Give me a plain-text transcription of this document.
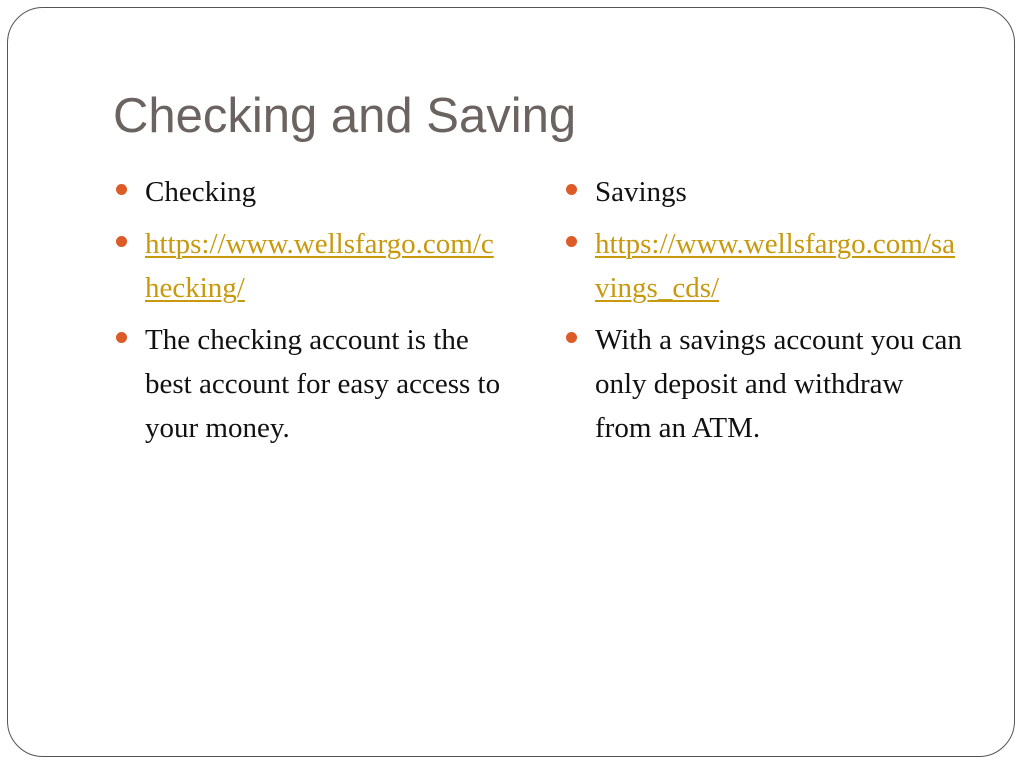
Checking and Saving
Checking
https://www.wellsfargo.com/checking/
The checking account is the best account for easy access to your money.
Savings
https://www.wellsfargo.com/savings_cds/
With a savings account you can only deposit and withdraw from an ATM.
